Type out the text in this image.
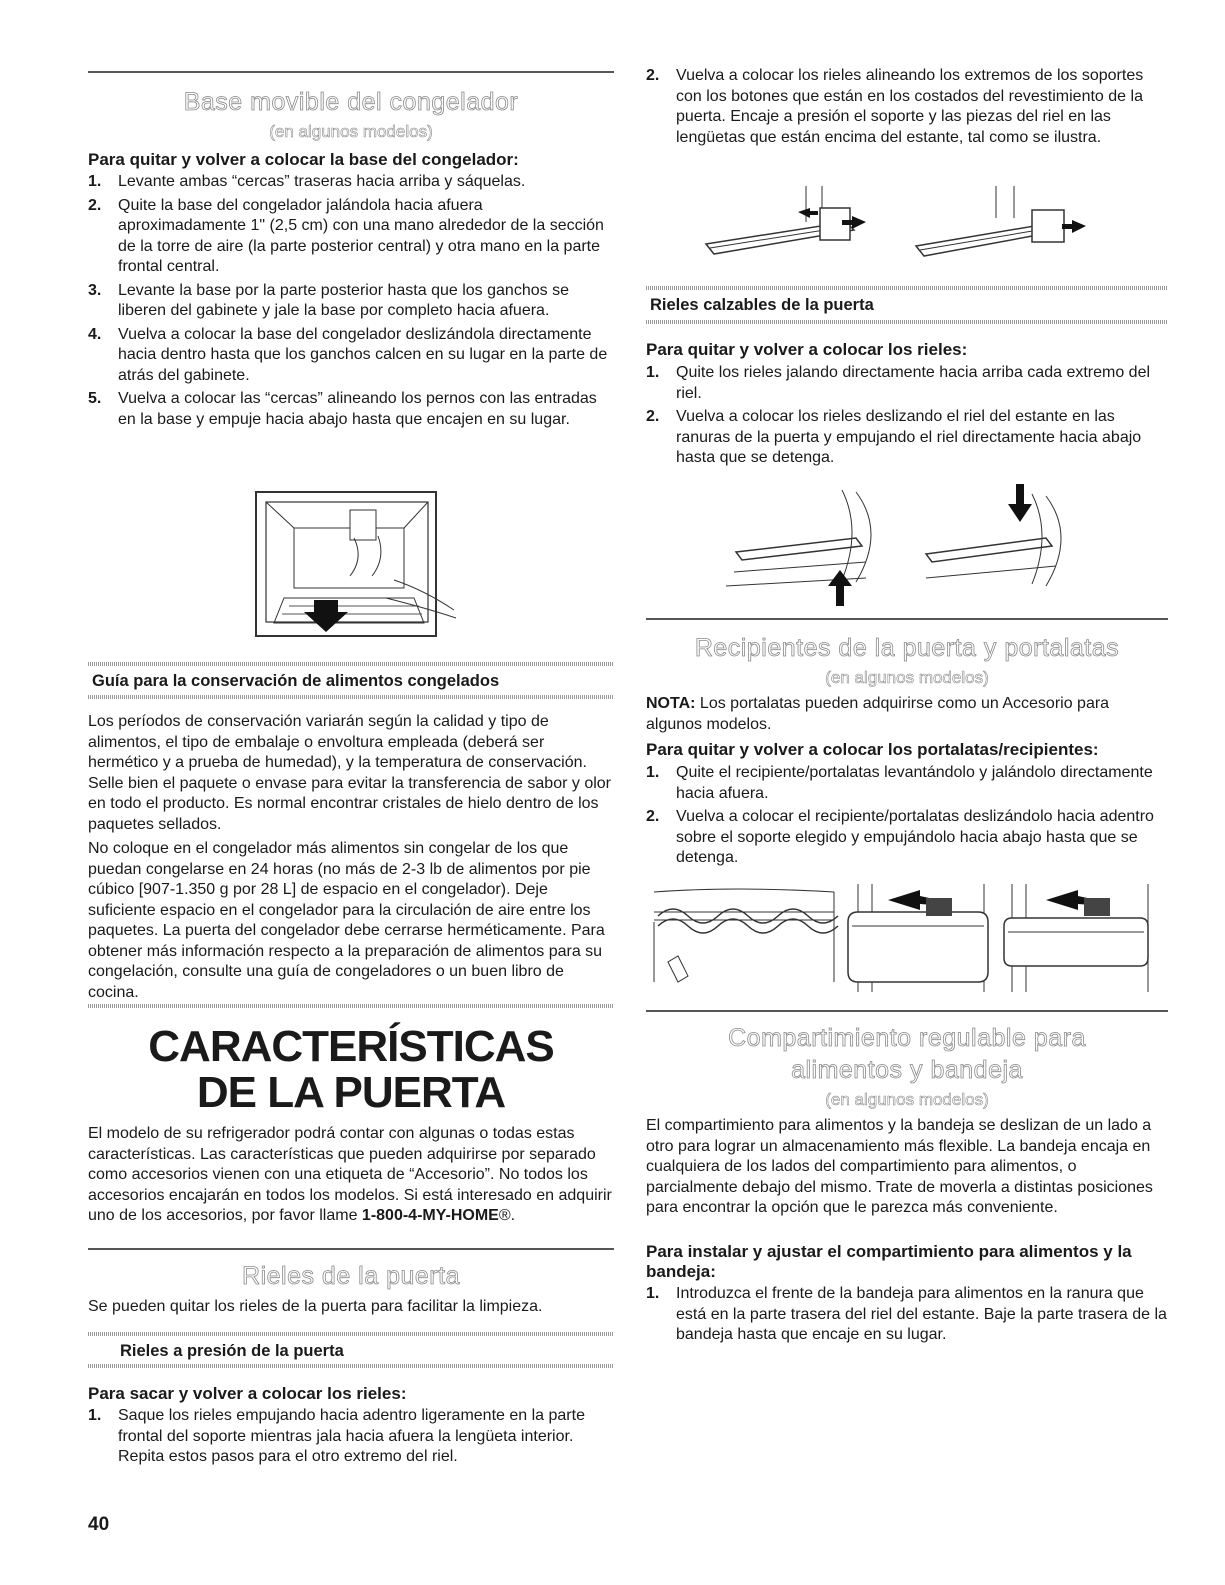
Base movible del congelador
(en algunos modelos)
Para quitar y volver a colocar la base del congelador:
1. Levante ambas “cercas” traseras hacia arriba y sáquelas.
2. Quite la base del congelador jalándola hacia afuera aproximadamente 1" (2,5 cm) con una mano alrededor de la sección de la torre de aire (la parte posterior central) y otra mano en la parte frontal central.
3. Levante la base por la parte posterior hasta que los ganchos se liberen del gabinete y jale la base por completo hacia afuera.
4. Vuelva a colocar la base del congelador deslizándola directamente hacia dentro hasta que los ganchos calcen en su lugar en la parte de atrás del gabinete.
5. Vuelva a colocar las “cercas” alineando los pernos con las entradas en la base y empuje hacia abajo hasta que encajen en su lugar.
Guía para la conservación de alimentos congelados

Los períodos de conservación variarán según la calidad y tipo de alimentos, el tipo de embalaje o envoltura empleada (deberá ser hermético y a prueba de humedad), y la temperatura de conservación. Selle bien el paquete o envase para evitar la transferencia de sabor y olor en todo el producto. Es normal encontrar cristales de hielo dentro de los paquetes sellados.

No coloque en el congelador más alimentos sin congelar de los que puedan congelarse en 24 horas (no más de 2-3 lb de alimentos por pie cúbico [907-1.350 g por 28 L] de espacio en el congelador). Deje suficiente espacio en el congelador para la circulación de aire entre los paquetes. La puerta del congelador debe cerrarse herméticamente. Para obtener más información respecto a la preparación de alimentos para su congelación, consulte una guía de congeladores o un buen libro de cocina.

CARACTERÍSTICAS
DE LA PUERTA

El modelo de su refrigerador podrá contar con algunas o todas estas características. Las características que pueden adquirirse por separado como accesorios vienen con una etiqueta de “Accesorio”. No todos los accesorios encajarán en todos los modelos. Si está interesado en adquirir uno de los accesorios, por favor llame 1-800-4-MY-HOME®.

Rieles de la puerta

Se pueden quitar los rieles de la puerta para facilitar la limpieza.

Rieles a presión de la puerta
Para sacar y volver a colocar los rieles:
1. Saque los rieles empujando hacia adentro ligeramente en la parte frontal del soporte mientras jala hacia afuera la lengüeta interior. Repita estos pasos para el otro extremo del riel.
2. Vuelva a colocar los rieles alineando los extremos de los soportes con los botones que están en los costados del revestimiento de la puerta. Encaje a presión el soporte y las piezas del riel en las lengüetas que están encima del estante, tal como se ilustra.
Rieles calzables de la puerta
Para quitar y volver a colocar los rieles:
1. Quite los rieles jalando directamente hacia arriba cada extremo del riel.
2. Vuelva a colocar los rieles deslizando el riel del estante en las ranuras de la puerta y empujando el riel directamente hacia abajo hasta que se detenga.
Recipientes de la puerta y portalatas
(en algunos modelos)

NOTA: Los portalatas pueden adquirirse como un Accesorio para algunos modelos.

Para quitar y volver a colocar los portalatas/recipientes:
1. Quite el recipiente/portalatas levantándolo y jalándolo directamente hacia afuera.
2. Vuelva a colocar el recipiente/portalatas deslizándolo hacia adentro sobre el soporte elegido y empujándolo hacia abajo hasta que se detenga.
Compartimiento regulable para
alimentos y bandeja
(en algunos modelos)

El compartimiento para alimentos y la bandeja se deslizan de un lado a otro para lograr un almacenamiento más flexible. La bandeja encaja en cualquiera de los lados del compartimiento para alimentos, o parcialmente debajo del mismo. Trate de moverla a distintas posiciones para encontrar la opción que le parezca más conveniente.

Para instalar y ajustar el compartimiento para alimentos y la bandeja:
1. Introduzca el frente de la bandeja para alimentos en la ranura que está en la parte trasera del riel del estante. Baje la parte trasera de la bandeja hasta que encaje en su lugar.
40
